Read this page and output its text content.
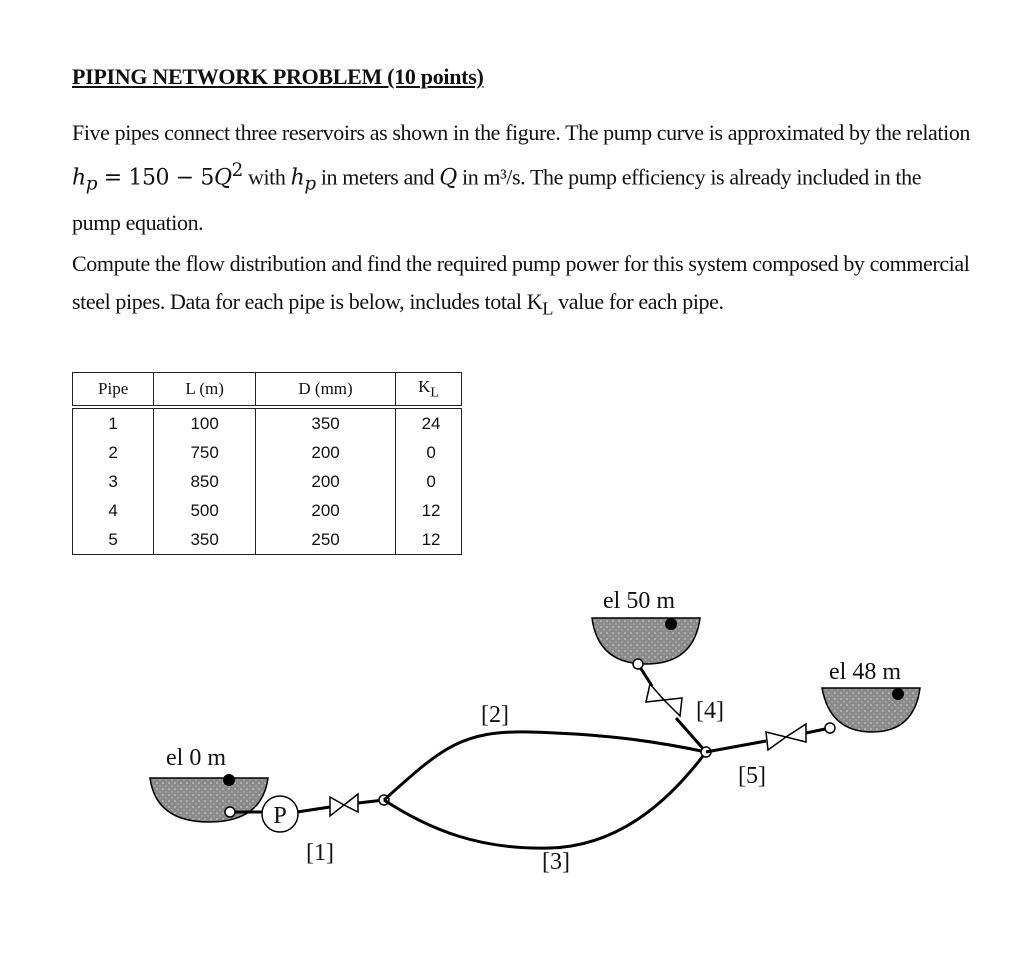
PIPING NETWORK PROBLEM (10 points)

Five pipes connect three reservoirs as shown in the figure. The pump curve is approximated by the relation $h_p = 150 - 5Q^2$ with $h_p$ in meters and Q in m³/s. The pump efficiency is already included in the pump equation.

Compute the flow distribution and find the required pump power for this system composed by commercial steel pipes. Data for each pipe is below, includes total $K_L$ value for each pipe.

Pipe	L (m)	D (mm)	$K_L$
1	100	350	24
2	750	200	0
3	850	200	0
4	500	200	12
5	350	250	12
el 0 m
el 50 m
el 48 m
P
[1]
[2]
[3]
[4]
[5]
